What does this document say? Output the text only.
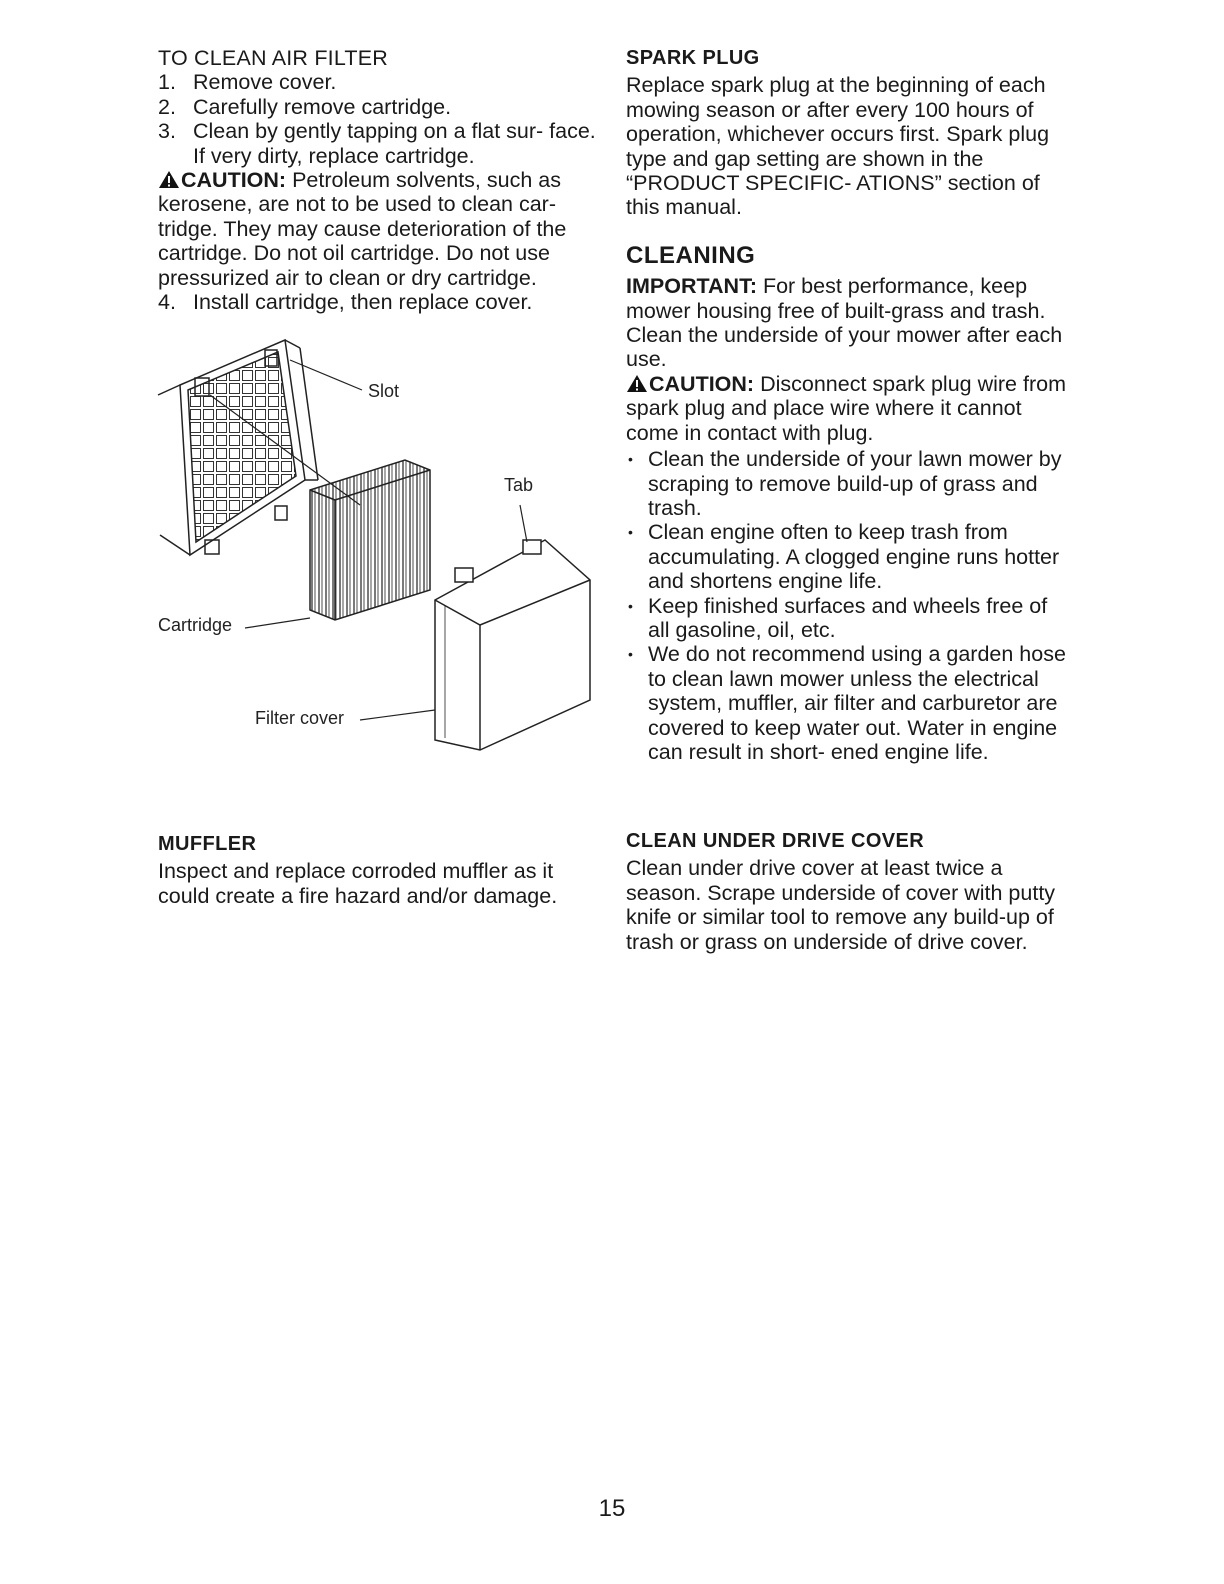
TO CLEAN AIR FILTER

1. Remove cover.
2. Carefully remove cartridge.
3. Clean by gently tapping on a flat sur- face. If very dirty, replace cartridge.

CAUTION: Petroleum solvents, such as kerosene, are not to be used to clean car- tridge. They may cause deterioration of the cartridge. Do not oil cartridge. Do not use pressurized air to clean or dry cartridge.

4. Install cartridge, then replace cover.
Slot
Tab
Cartridge
Filter cover

MUFFLER

Inspect and replace corroded muffler as it could create a fire hazard and/or damage.

SPARK PLUG

Replace spark plug at the beginning of each mowing season or after every 100 hours of operation, whichever occurs first. Spark plug type and gap setting are shown in the “PRODUCT SPECIFIC- ATIONS” section of this manual.

CLEANING

IMPORTANT: For best performance, keep mower housing free of built-grass and trash. Clean the underside of your mower after each use.

CAUTION: Disconnect spark plug wire from spark plug and place wire where it cannot come in contact with plug.

• Clean the underside of your lawn mower by scraping to remove build-up of grass and trash.
• Clean engine often to keep trash from accumulating. A clogged engine runs hotter and shortens engine life.
• Keep finished surfaces and wheels free of all gasoline, oil, etc.
• We do not recommend using a garden hose to clean lawn mower unless the electrical system, muffler, air filter and carburetor are covered to keep water out. Water in engine can result in short- ened engine life.

CLEAN UNDER DRIVE COVER

Clean under drive cover at least twice a season. Scrape underside of cover with putty knife or similar tool to remove any build-up of trash or grass on underside of drive cover.

15
